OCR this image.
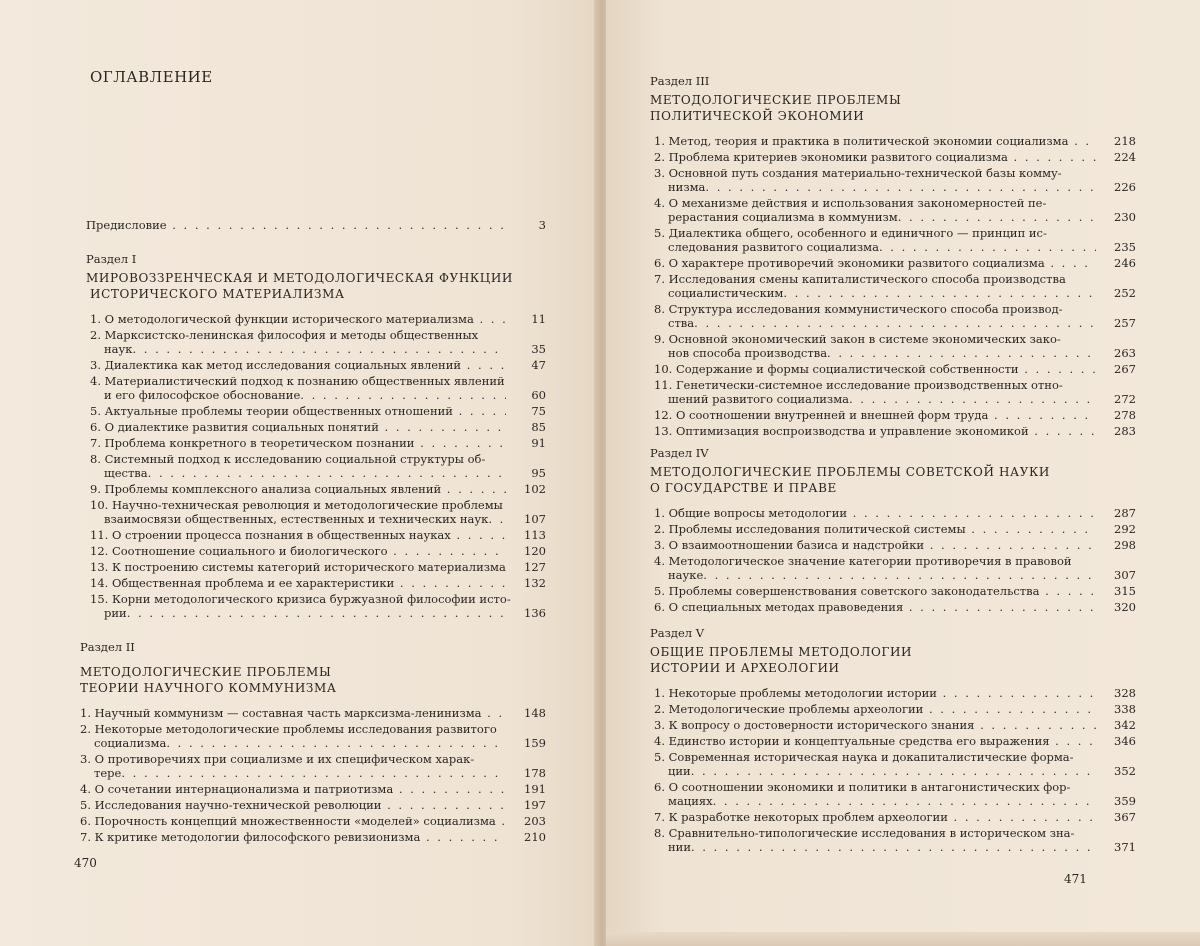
ОГЛАВЛЕНИЕ
Предисловие . . .	3
Раздел I
МИРОВОЗЗРЕНЧЕСКАЯ И МЕТОДОЛОГИЧЕСКАЯ ФУНКЦИИ
ИСТОРИЧЕСКОГО МАТЕРИАЛИЗМА
1. О методологической функции исторического материализма . . .	11
2. Марксистско-ленинская философия и методы общественных
наук . . .	35
3. Диалектика как метод исследования социальных явлений . . .	47
4. Материалистический подход к познанию общественных явлений
и его философское обоснование . . .	60
5. Актуальные проблемы теории общественных отношений . . .	75
6. О диалектике развития социальных понятий . . .	85
7. Проблема конкретного в теоретическом познании . . .	91
8. Системный подход к исследованию социальной структуры об-
щества . . .	95
9. Проблемы комплексного анализа социальных явлений . . .	102
10. Научно-техническая революция и методологические проблемы
взаимосвязи общественных, естественных и технических наук . . .	107
11. О строении процесса познания в общественных науках . . .	113
12. Соотношение социального и биологического . . .	120
13. К построению системы категорий исторического материализма . . .	127
14. Общественная проблема и ее характеристики . . .	132
15. Корни методологического кризиса буржуазной философии исто-
рии . . .	136
Раздел II
МЕТОДОЛОГИЧЕСКИЕ ПРОБЛЕМЫ
ТЕОРИИ НАУЧНОГО КОММУНИЗМА
1. Научный коммунизм — составная часть марксизма-ленинизма . . .	148
2. Некоторые методологические проблемы исследования развитого
социализма . . .	159
3. О противоречиях при социализме и их специфическом харак-
тере . . .	178
4. О сочетании интернационализма и патриотизма . . .	191
5. Исследования научно-технической революции . . .	197
6. Порочность концепций множественности «моделей» социализма . . .	203
7. К критике методологии философского ревизионизма . . .	210
470
Раздел III
МЕТОДОЛОГИЧЕСКИЕ ПРОБЛЕМЫ
ПОЛИТИЧЕСКОЙ ЭКОНОМИИ
1. Метод, теория и практика в политической экономии социализма . . .	218
2. Проблема критериев экономики развитого социализма . . .	224
3. Основной путь создания материально-технической базы комму-
низма . . .	226
4. О механизме действия и использования закономерностей пе-
рерастания социализма в коммунизм . . .	230
5. Диалектика общего, особенного и единичного — принцип ис-
следования развитого социализма . . .	235
6. О характере противоречий экономики развитого социализма . . .	246
7. Исследования смены капиталистического способа производства
социалистическим . . .	252
8. Структура исследования коммунистического способа производ-
ства . . .	257
9. Основной экономический закон в системе экономических зако-
нов способа производства . . .	263
10. Содержание и формы социалистической собственности . . .	267
11. Генетически-системное исследование производственных отно-
шений развитого социализма . . .	272
12. О соотношении внутренней и внешней форм труда . . .	278
13. Оптимизация воспроизводства и управление экономикой . . .	283
Раздел IV
МЕТОДОЛОГИЧЕСКИЕ ПРОБЛЕМЫ СОВЕТСКОЙ НАУКИ
О ГОСУДАРСТВЕ И ПРАВЕ
1. Общие вопросы методологии . . .	287
2. Проблемы исследования политической системы . . .	292
3. О взаимоотношении базиса и надстройки . . .	298
4. Методологическое значение категории противоречия в правовой
науке . . .	307
5. Проблемы совершенствования советского законодательства . . .	315
6. О специальных методах правоведения . . .	320
Раздел V
ОБЩИЕ ПРОБЛЕМЫ МЕТОДОЛОГИИ
ИСТОРИИ И АРХЕОЛОГИИ
1. Некоторые проблемы методологии истории . . .	328
2. Методологические проблемы археологии . . .	338
3. К вопросу о достоверности исторического знания . . .	342
4. Единство истории и концептуальные средства его выражения . . .	346
5. Современная историческая наука и докапиталистические форма-
ции . . .	352
6. О соотношении экономики и политики в антагонистических фор-
мациях . . .	359
7. К разработке некоторых проблем археологии . . .	367
8. Сравнительно-типологические исследования в историческом зна-
нии . . .	371
471
